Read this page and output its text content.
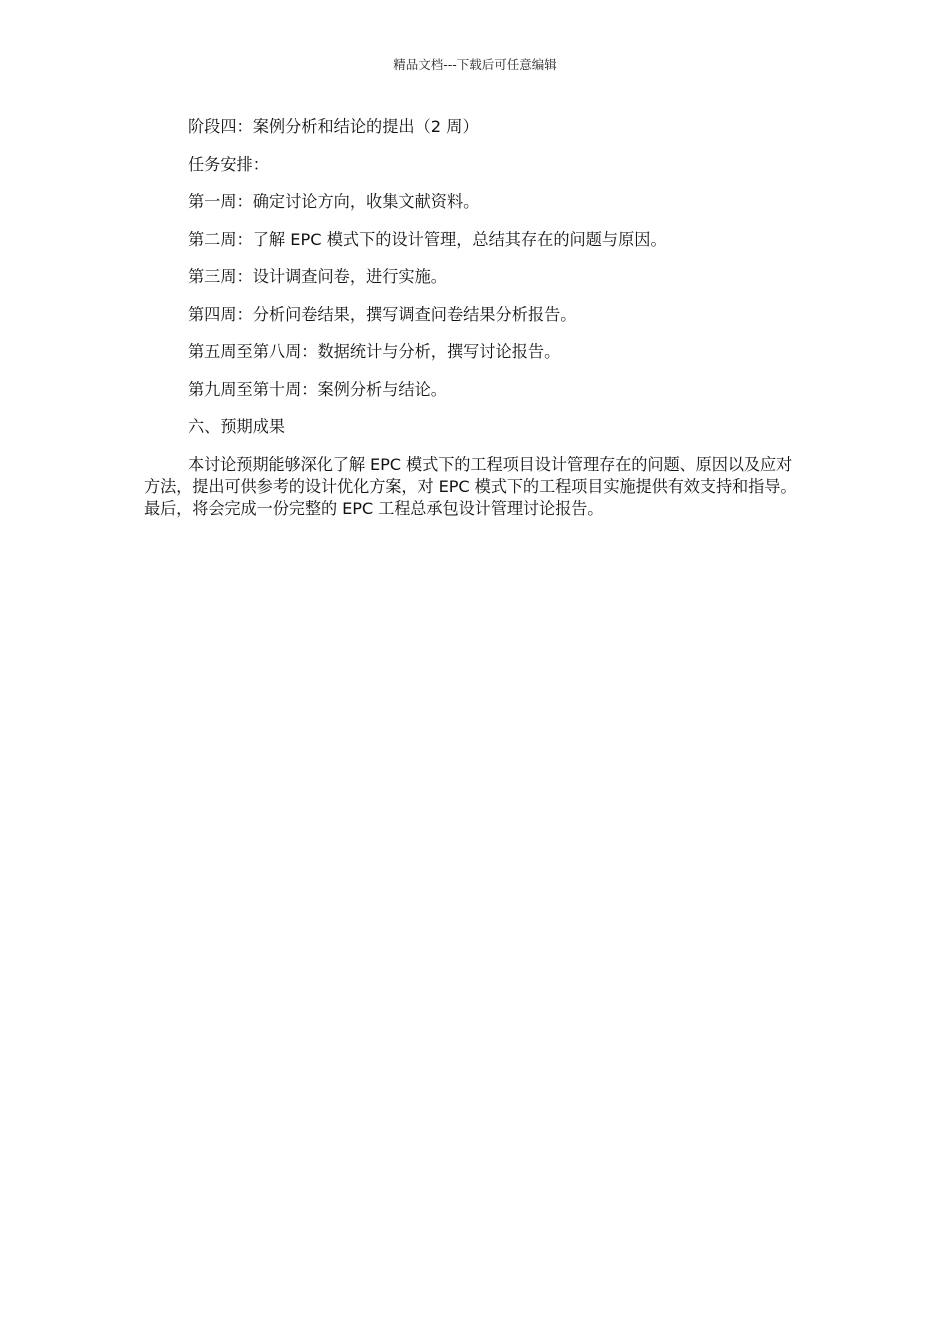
精品文档---下载后可任意编辑

阶段四：案例分析和结论的提出（2 周）

任务安排：

第一周：确定讨论方向，收集文献资料。

第二周：了解 EPC 模式下的设计管理，总结其存在的问题与原因。

第三周：设计调查问卷，进行实施。

第四周：分析问卷结果，撰写调查问卷结果分析报告。

第五周至第八周：数据统计与分析，撰写讨论报告。

第九周至第十周：案例分析与结论。

六、预期成果

本讨论预期能够深化了解 EPC 模式下的工程项目设计管理存在的问题、原因以及应对方法，提出可供参考的设计优化方案，对 EPC 模式下的工程项目实施提供有效支持和指导。最后，将会完成一份完整的 EPC 工程总承包设计管理讨论报告。
